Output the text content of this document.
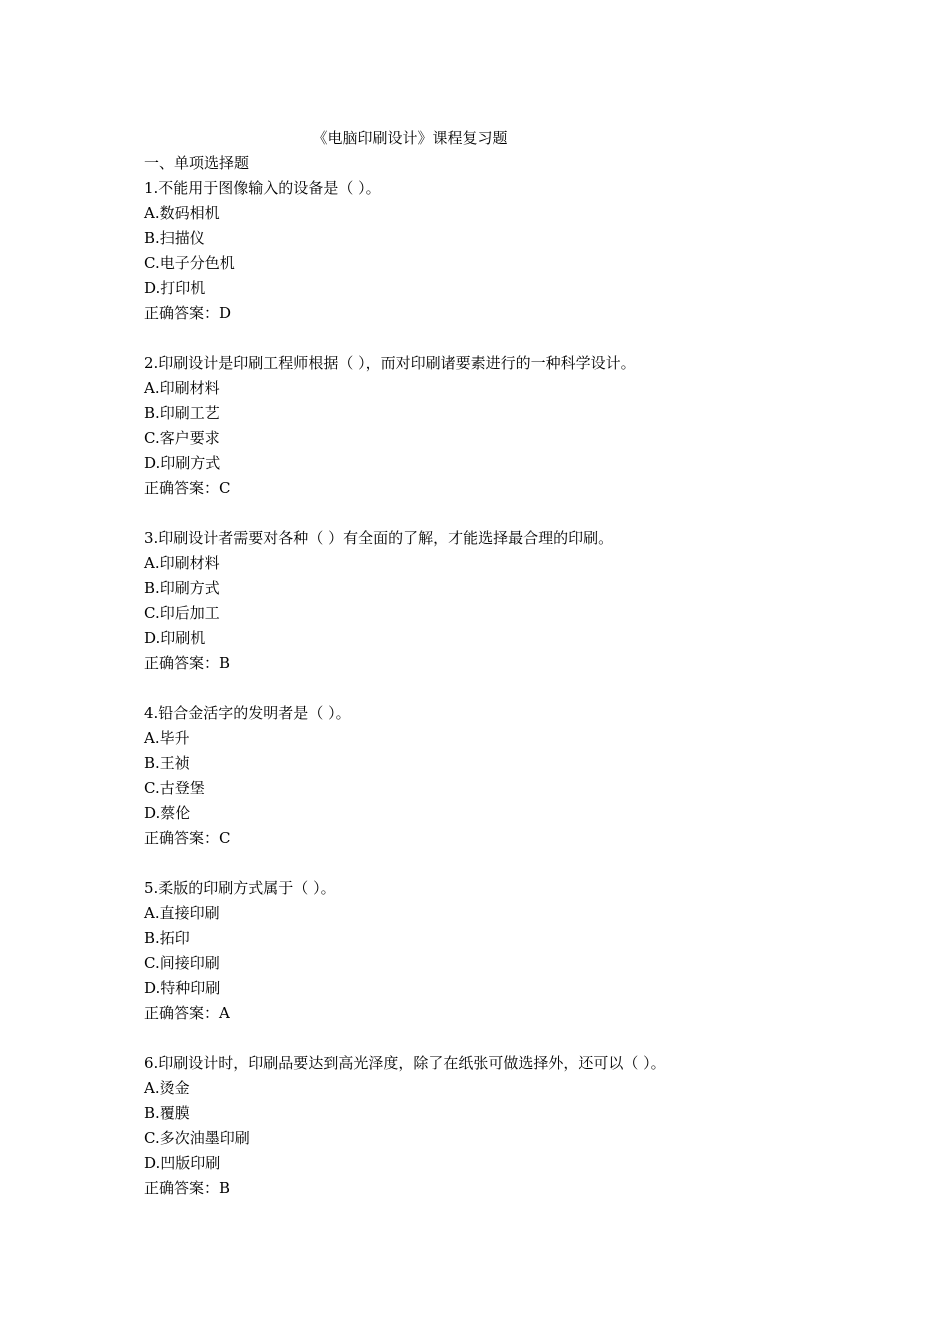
《电脑印刷设计》课程复习题
一、单项选择题
1.不能用于图像输入的设备是（ ）。
A.数码相机
B.扫描仪
C.电子分色机
D.打印机
正确答案：D
2.印刷设计是印刷工程师根据（ ），而对印刷诸要素进行的一种科学设计。
A.印刷材料
B.印刷工艺
C.客户要求
D.印刷方式
正确答案：C
3.印刷设计者需要对各种（ ）有全面的了解，才能选择最合理的印刷。
A.印刷材料
B.印刷方式
C.印后加工
D.印刷机
正确答案：B
4.铅合金活字的发明者是（ ）。
A.毕升
B.王祯
C.古登堡
D.蔡伦
正确答案：C
5.柔版的印刷方式属于（ ）。
A.直接印刷
B.拓印
C.间接印刷
D.特种印刷
正确答案：A
6.印刷设计时，印刷品要达到高光泽度，除了在纸张可做选择外，还可以（ ）。
A.烫金
B.覆膜
C.多次油墨印刷
D.凹版印刷
正确答案：B
